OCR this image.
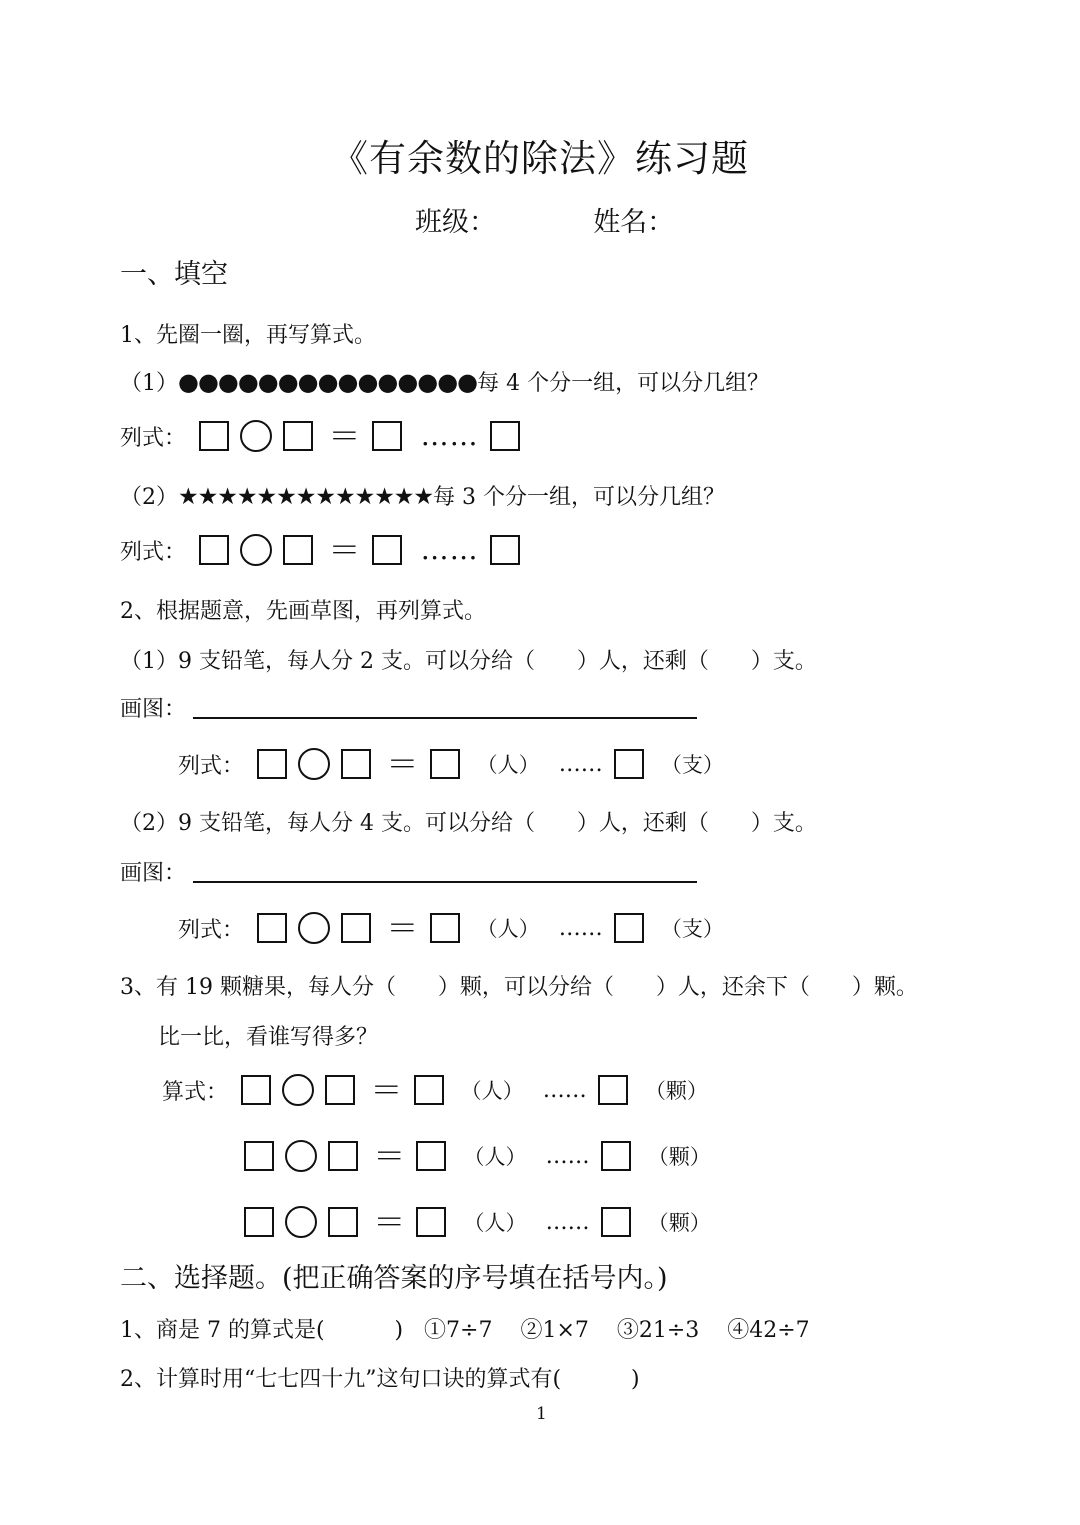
《有余数的除法》练习题
班级：	姓名：
一、填空
1、先圈一圈，再写算式。
（1）●●●●●●●●●●●●●●●每 4 个分一组，可以分几组？
列式：	＝ ……
（2）★★★★★★★★★★★★★每 3 个分一组，可以分几组？
列式：	＝ ……
2、根据题意，先画草图，再列算式。
（1）9 支铅笔，每人分 2 支。可以分给（      ）人，还剩（      ）支。
画图：
列式：	＝	（人） ……	（支）
（2）9 支铅笔，每人分 4 支。可以分给（      ）人，还剩（      ）支。
画图：
列式：	＝	（人） ……	（支）
3、有 19 颗糖果，每人分（      ）颗，可以分给（      ）人，还余下（      ）颗。
比一比，看谁写得多？
算式：	＝	（人） ……	（颗）
＝	（人） ……	（颗）
＝	（人） ……	（颗）
二、选择题。(把正确答案的序号填在括号内。)
1、商是 7 的算式是(          )   ①7÷7    ②1×7    ③21÷3    ④42÷7
2、计算时用“七七四十九”这句口诀的算式有(          )
1
